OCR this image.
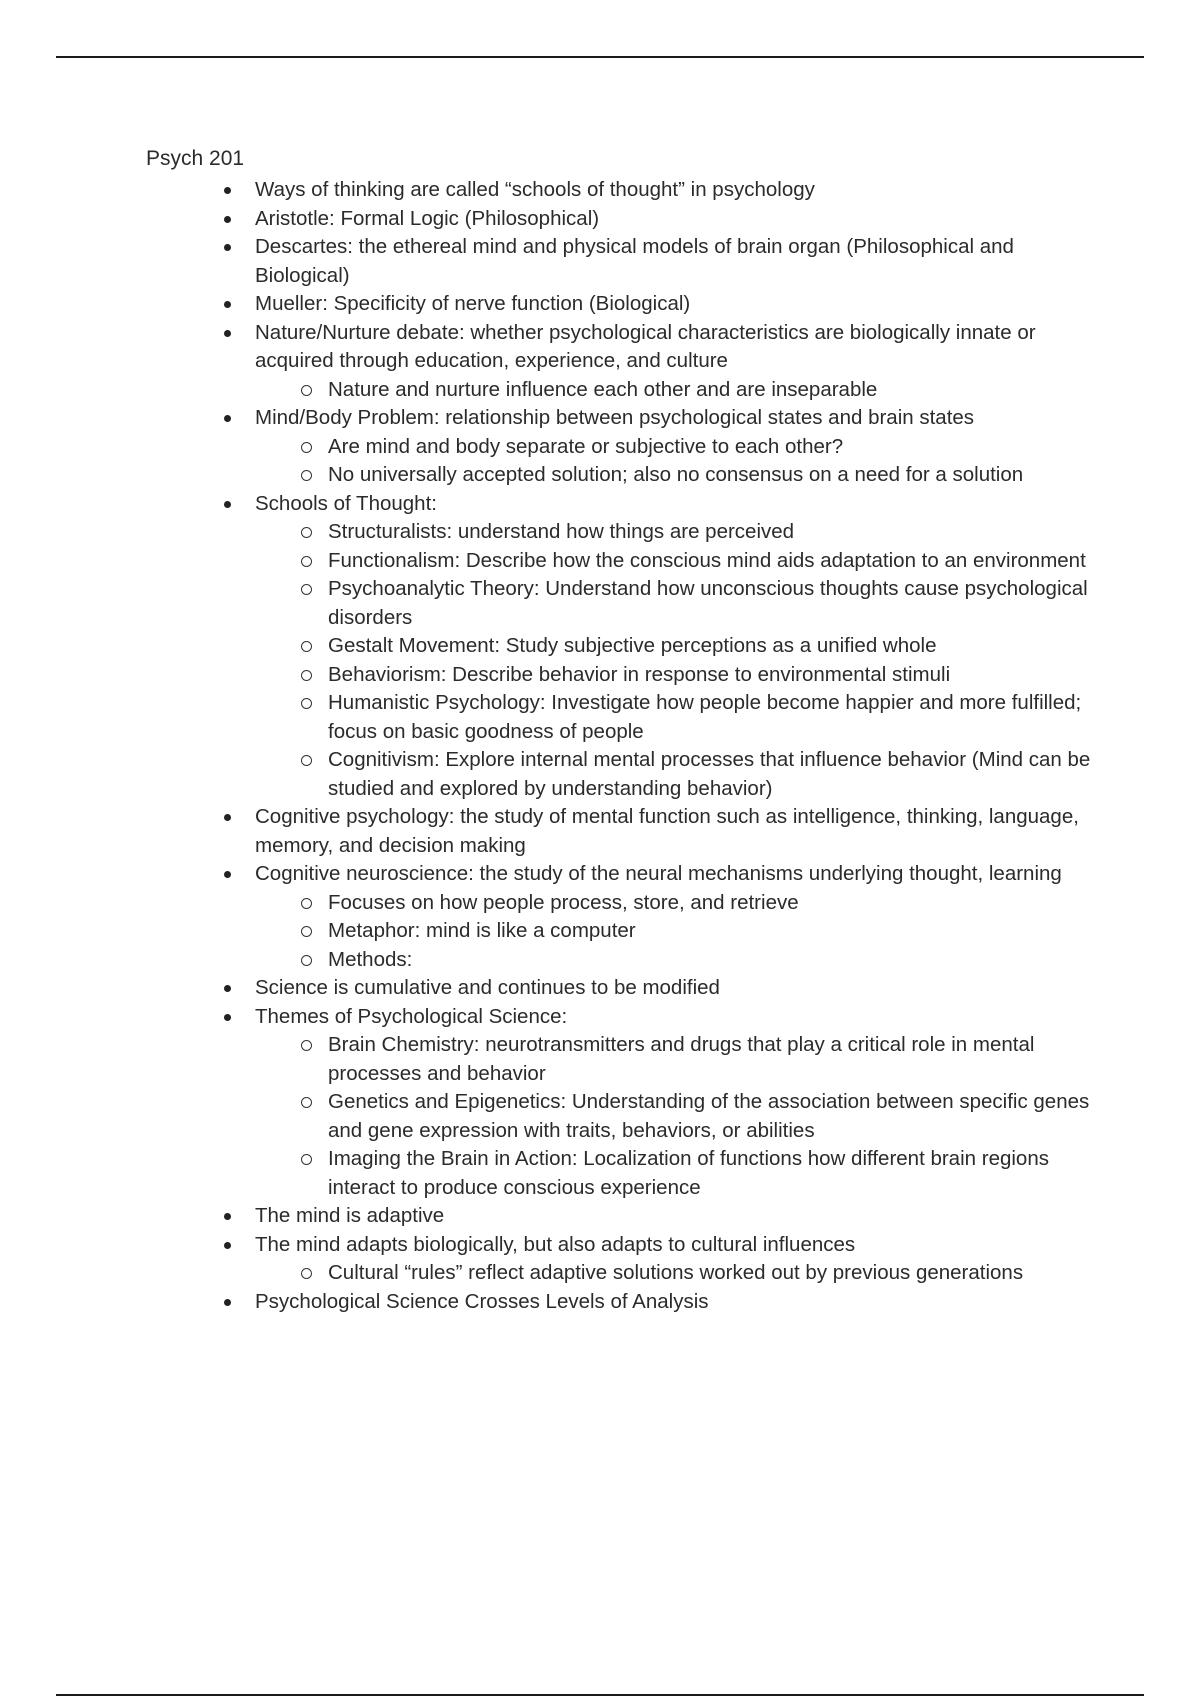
Psych 201
Ways of thinking are called “schools of thought” in psychology
Aristotle: Formal Logic (Philosophical)
Descartes: the ethereal mind and physical models of brain organ (Philosophical and Biological)
Mueller: Specificity of nerve function (Biological)
Nature/Nurture debate: whether psychological characteristics are biologically innate or acquired through education, experience, and culture
Nature and nurture influence each other and are inseparable
Mind/Body Problem: relationship between psychological states and brain states
Are mind and body separate or subjective to each other?
No universally accepted solution; also no consensus on a need for a solution
Schools of Thought:
Structuralists: understand how things are perceived
Functionalism: Describe how the conscious mind aids adaptation to an environment
Psychoanalytic Theory: Understand how unconscious thoughts cause psychological disorders
Gestalt Movement: Study subjective perceptions as a unified whole
Behaviorism: Describe behavior in response to environmental stimuli
Humanistic Psychology: Investigate how people become happier and more fulfilled; focus on basic goodness of people
Cognitivism: Explore internal mental processes that influence behavior (Mind can be studied and explored by understanding behavior)
Cognitive psychology: the study of mental function such as intelligence, thinking, language, memory, and decision making
Cognitive neuroscience: the study of the neural mechanisms underlying thought, learning
Focuses on how people process, store, and retrieve
Metaphor: mind is like a computer
Methods:
Science is cumulative and continues to be modified
Themes of Psychological Science:
Brain Chemistry: neurotransmitters and drugs that play a critical role in mental processes and behavior
Genetics and Epigenetics: Understanding of the association between specific genes and gene expression with traits, behaviors, or abilities
Imaging the Brain in Action: Localization of functions how different brain regions interact to produce conscious experience
The mind is adaptive
The mind adapts biologically, but also adapts to cultural influences
Cultural “rules” reflect adaptive solutions worked out by previous generations
Psychological Science Crosses Levels of Analysis
